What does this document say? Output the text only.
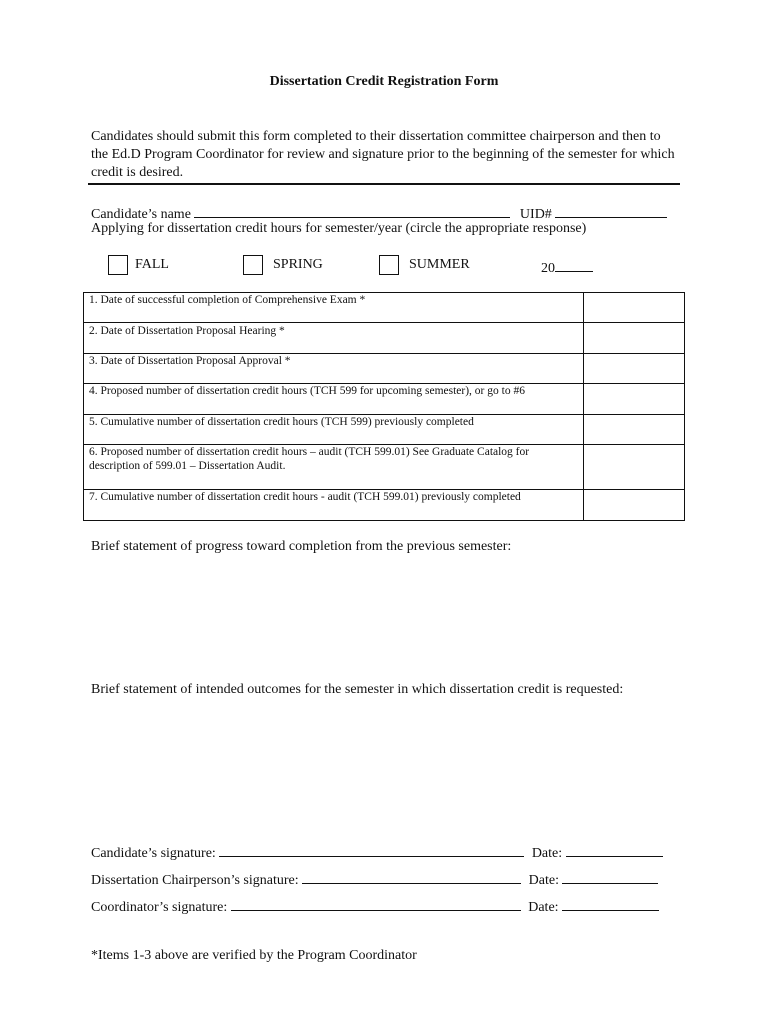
Dissertation Credit Registration Form
Candidates should submit this form completed to their dissertation committee chairperson and then to the Ed.D Program Coordinator for review and signature prior to the beginning of the semester for which credit is desired.
Candidate’s name	UID#
Applying for dissertation credit hours for semester/year (circle the appropriate response)
FALL	SPRING	SUMMER	20
1. Date of successful completion of Comprehensive Exam *	
2. Date of Dissertation Proposal Hearing *	
3. Date of Dissertation Proposal Approval *	
4. Proposed number of dissertation credit hours (TCH 599 for upcoming semester), or go to #6	
5. Cumulative number of dissertation credit hours (TCH 599) previously completed	
6. Proposed number of dissertation credit hours – audit (TCH 599.01) See Graduate Catalog for description of 599.01 – Dissertation Audit.	
7. Cumulative number of dissertation credit hours - audit (TCH 599.01) previously completed	
Brief statement of progress toward completion from the previous semester:
Brief statement of intended outcomes for the semester in which dissertation credit is requested:
Candidate’s signature:	Date:
Dissertation Chairperson’s signature:	Date:
Coordinator’s signature:	Date:
*Items 1-3 above are verified by the Program Coordinator
